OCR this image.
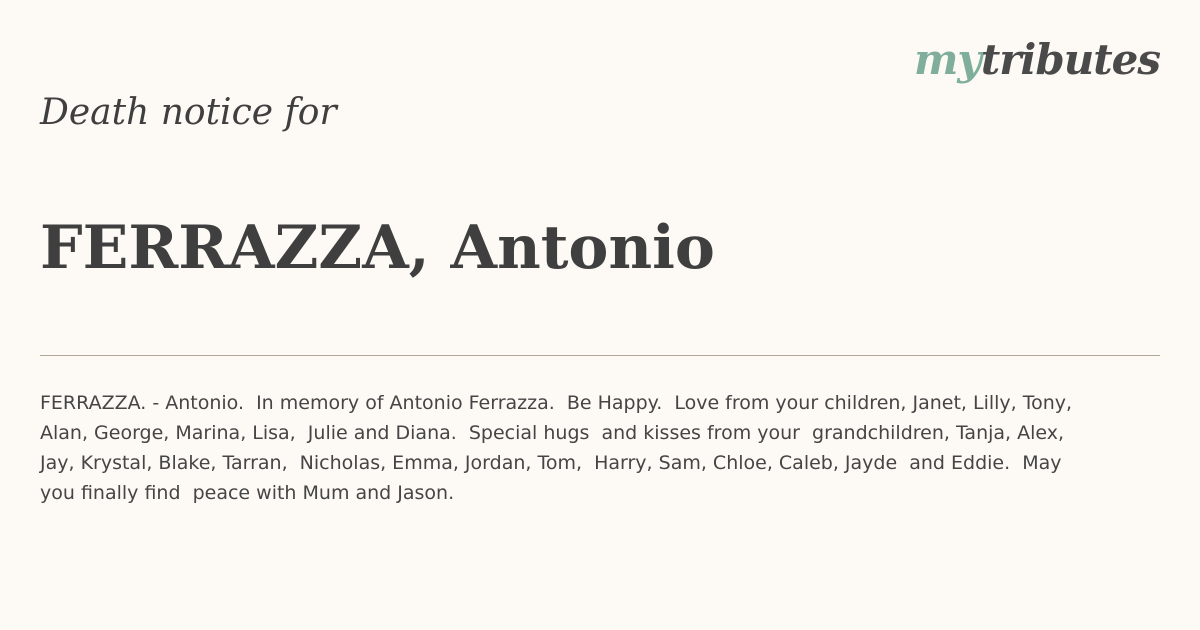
mytributes

Death notice for

FERRAZZA, Antonio
FERRAZZA. - Antonio.  In memory of Antonio Ferrazza.  Be Happy.  Love from your children, Janet, Lilly, Tony,
Alan, George, Marina, Lisa,  Julie and Diana.  Special hugs  and kisses from your  grandchildren, Tanja, Alex,
Jay, Krystal, Blake, Tarran,  Nicholas, Emma, Jordan, Tom,  Harry, Sam, Chloe, Caleb, Jayde  and Eddie.  May
you finally find  peace with Mum and Jason.
